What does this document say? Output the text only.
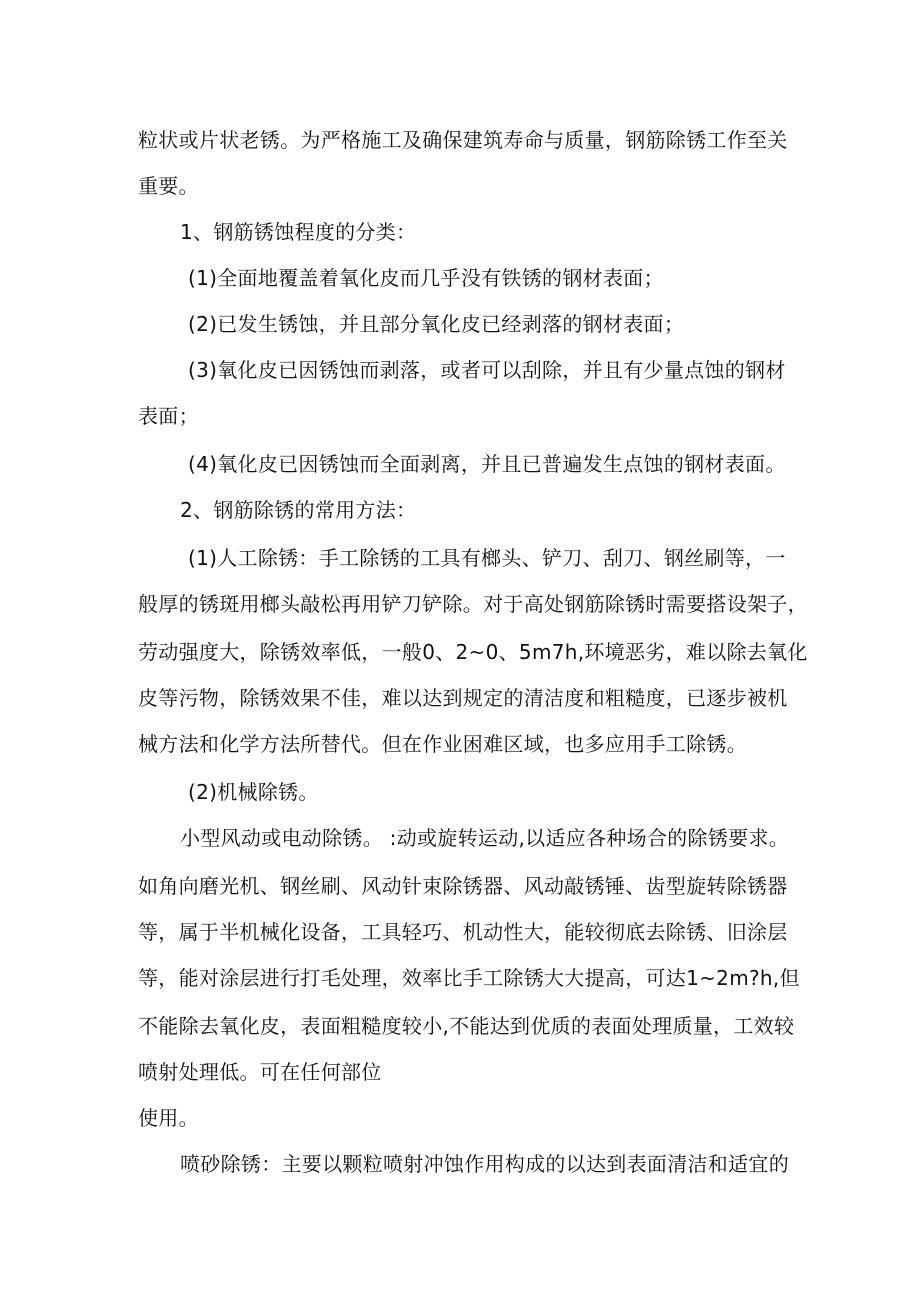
粒状或片状老锈。为严格施工及确保建筑寿命与质量，钢筋除锈工作至关
重要。
1、钢筋锈蚀程度的分类：
(1)全面地覆盖着氧化皮而几乎没有铁锈的钢材表面；
(2)已发生锈蚀，并且部分氧化皮已经剥落的钢材表面；
(3)氧化皮已因锈蚀而剥落，或者可以刮除，并且有少量点蚀的钢材
表面；
(4)氧化皮已因锈蚀而全面剥离，并且已普遍发生点蚀的钢材表面。
2、钢筋除锈的常用方法：
(1)人工除锈：手工除锈的工具有榔头、铲刀、刮刀、钢丝刷等，一
般厚的锈斑用榔头敲松再用铲刀铲除。对于高处钢筋除锈时需要搭设架子，
劳动强度大，除锈效率低，一般0、2~0、5m7h,环境恶劣，难以除去氧化
皮等污物，除锈效果不佳，难以达到规定的清洁度和粗糙度，已逐步被机
械方法和化学方法所替代。但在作业困难区域，也多应用手工除锈。
(2)机械除锈。
小型风动或电动除锈。 :动或旋转运动,以适应各种场合的除锈要求。
如角向磨光机、钢丝刷、风动针束除锈器、风动敲锈锤、齿型旋转除锈器
等，属于半机械化设备，工具轻巧、机动性大，能较彻底去除锈、旧涂层
等，能对涂层进行打毛处理，效率比手工除锈大大提高，可达1~2m?h,但
不能除去氧化皮，表面粗糙度较小,不能达到优质的表面处理质量，工效较
喷射处理低。可在任何部位
使用。
喷砂除锈：主要以颗粒喷射冲蚀作用构成的以达到表面清洁和适宜的
